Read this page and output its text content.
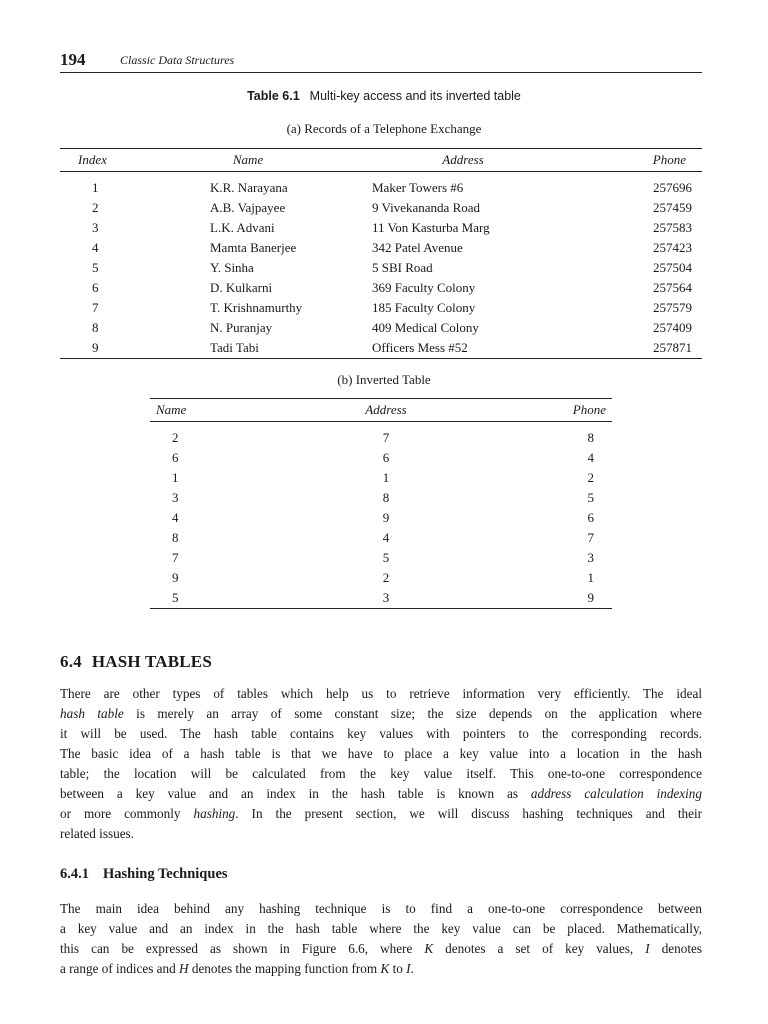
194	Classic Data Structures
Table 6.1 Multi-key access and its inverted table
(a) Records of a Telephone Exchange
Index	Name	Address	Phone
1	K.R. Narayana	Maker Towers #6	257696
2	A.B. Vajpayee	9 Vivekananda Road	257459
3	L.K. Advani	11 Von Kasturba Marg	257583
4	Mamta Banerjee	342 Patel Avenue	257423
5	Y. Sinha	5 SBI Road	257504
6	D. Kulkarni	369 Faculty Colony	257564
7	T. Krishnamurthy	185 Faculty Colony	257579
8	N. Puranjay	409 Medical Colony	257409
9	Tadi Tabi	Officers Mess #52	257871
(b) Inverted Table
Name	Address	Phone
2	7	8
6	6	4
1	1	2
3	8	5
4	9	6
8	4	7
7	5	3
9	2	1
5	3	9
6.4 HASH TABLES

There are other types of tables which help us to retrieve information very efficiently. The ideal
hash table is merely an array of some constant size; the size depends on the application where
it will be used. The hash table contains key values with pointers to the corresponding records.
The basic idea of a hash table is that we have to place a key value into a location in the hash
table; the location will be calculated from the key value itself. This one-to-one correspondence
between a key value and an index in the hash table is known as address calculation indexing
or more commonly hashing. In the present section, we will discuss hashing techniques and their
related issues.

6.4.1 Hashing Techniques

The main idea behind any hashing technique is to find a one-to-one correspondence between
a key value and an index in the hash table where the key value can be placed. Mathematically,
this can be expressed as shown in Figure 6.6, where K denotes a set of key values, I denotes
a range of indices and H denotes the mapping function from K to I.
